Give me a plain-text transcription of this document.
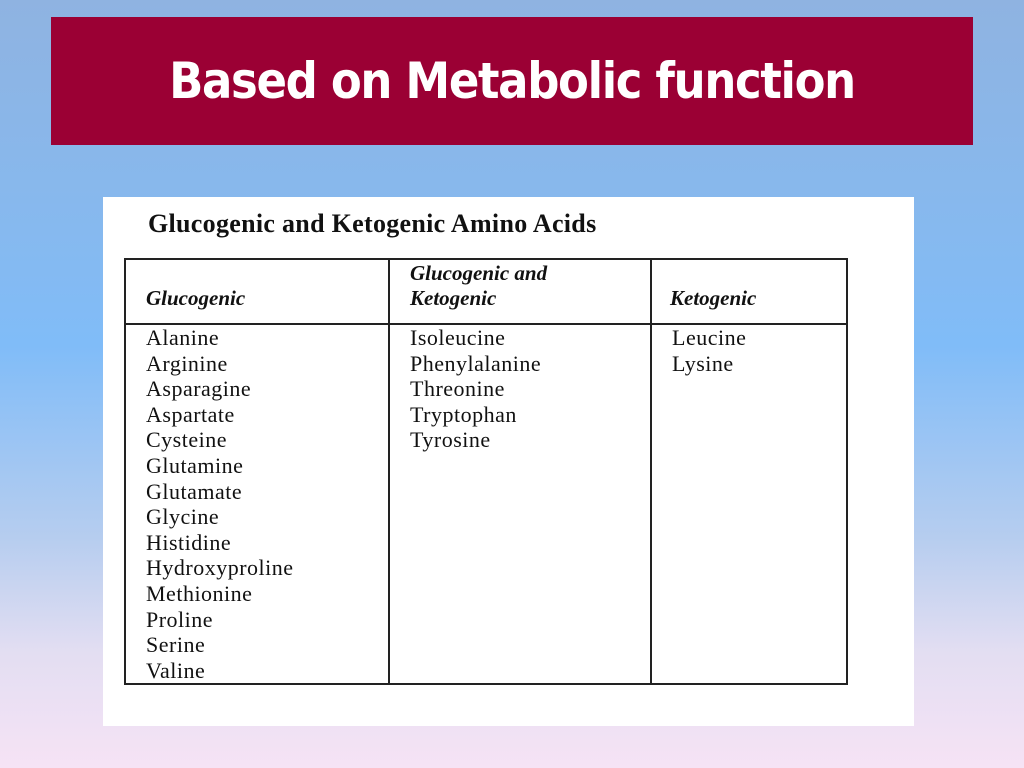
Based on Metabolic function
Glucogenic and Ketogenic Amino Acids
Glucogenic
Glucogenic and
Ketogenic	Ketogenic
Alanine
Arginine
Asparagine
Aspartate
Cysteine
Glutamine
Glutamate
Glycine
Histidine
Hydroxyproline
Methionine
Proline
Serine
Valine
Isoleucine
Phenylalanine
Threonine
Tryptophan
Tyrosine
Leucine
Lysine
